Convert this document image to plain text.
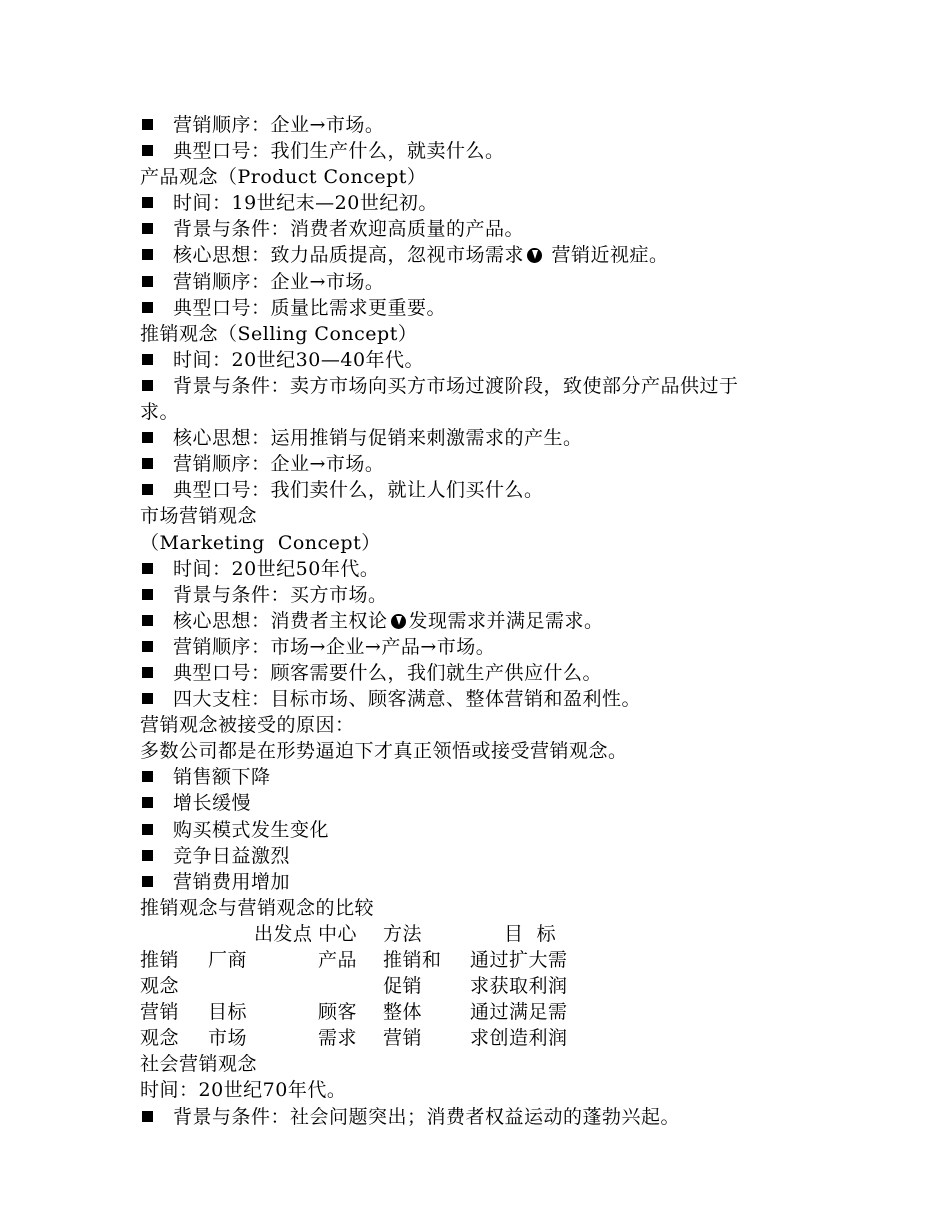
营销顺序：企业→市场。
典型口号：我们生产什么，就卖什么。
产品观念（Product Concept）
时间：19世纪末—20世纪初。
背景与条件：消费者欢迎高质量的产品。
核心思想：致力品质提高，忽视市场需求 营销近视症。
营销顺序：企业→市场。
典型口号：质量比需求更重要。
推销观念（Selling Concept）
时间：20世纪30—40年代。
背景与条件：卖方市场向买方市场过渡阶段，致使部分产品供过于
求。
核心思想：运用推销与促销来刺激需求的产生。
营销顺序：企业→市场。
典型口号：我们卖什么，就让人们买什么。
市场营销观念
（Marketing  Concept）
时间：20世纪50年代。
背景与条件：买方市场。
核心思想：消费者主权论 发现需求并满足需求。
营销顺序：市场→企业→产品→市场。
典型口号：顾客需要什么，我们就生产供应什么。
四大支柱：目标市场、顾客满意、整体营销和盈利性。
营销观念被接受的原因：
多数公司都是在形势逼迫下才真正领悟或接受营销观念。
销售额下降
增长缓慢
购买模式发生变化
竞争日益激烈
营销费用增加
推销观念与营销观念的比较
	出发点	中心	方法	目  标
推销	厂商	产品	推销和	通过扩大需
观念			促销	求获取利润
营销	目标	顾客	整体	通过满足需
观念	市场	需求	营销	求创造利润
社会营销观念
时间：20世纪70年代。
背景与条件：社会问题突出；消费者权益运动的蓬勃兴起。
